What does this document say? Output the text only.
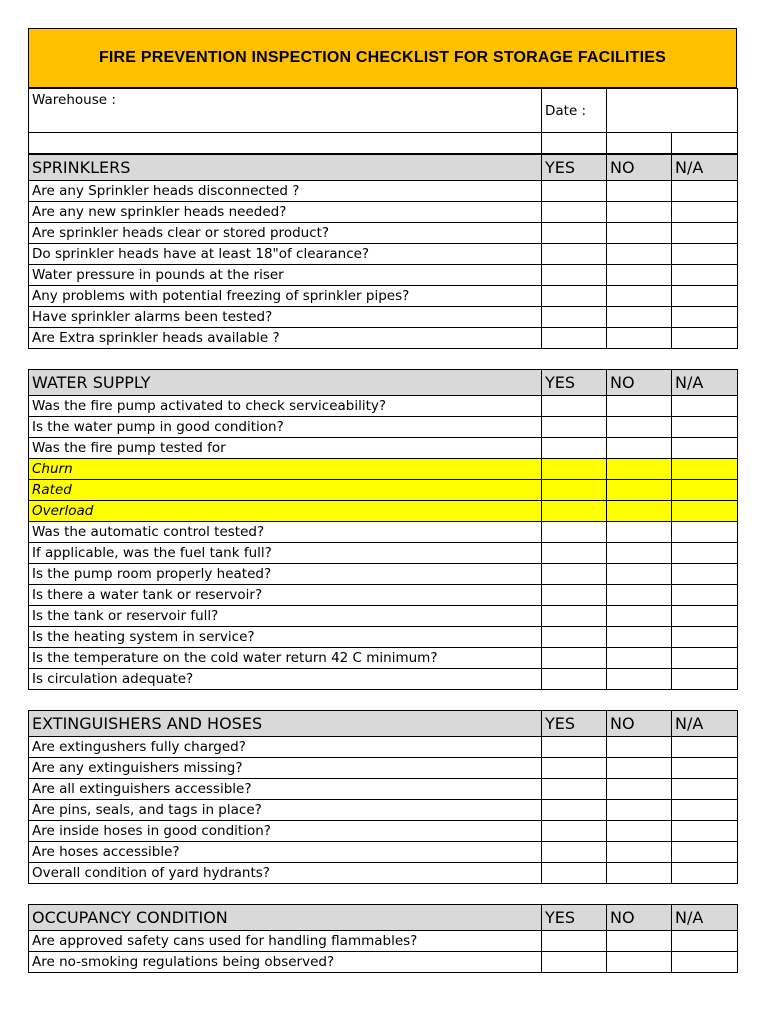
FIRE PREVENTION INSPECTION CHECKLIST FOR STORAGE FACILITIES
Warehouse :	Date :		

SPRINKLERS	YES	NO	N/A
Are any Sprinkler heads disconnected ?			
Are any new sprinkler heads needed?			
Are sprinkler heads clear or stored product?			
Do sprinkler heads have at least 18"of clearance?			
Water pressure in pounds at the riser			
Any problems with potential freezing of sprinkler pipes?			
Have sprinkler alarms been tested?			
Are Extra sprinkler heads available ?			
WATER SUPPLY	YES	NO	N/A
Was the fire pump activated to check serviceability?			
Is the water pump in good condition?			
Was the fire pump tested for			
Churn			
Rated			
Overload			
Was the automatic control tested?			
If applicable, was the fuel tank full?			
Is the pump room properly heated?			
Is there a water tank or reservoir?			
Is the tank or reservoir full?			
Is the heating system in service?			
Is the temperature on the cold water return 42 C minimum?			
Is circulation adequate?			
EXTINGUISHERS AND HOSES	YES	NO	N/A
Are extingushers fully charged?			
Are any extinguishers missing?			
Are all extinguishers accessible?			
Are pins, seals, and tags in place?			
Are inside hoses in good condition?			
Are hoses accessible?			
Overall condition of yard hydrants?			
OCCUPANCY CONDITION	YES	NO	N/A
Are approved safety cans used for handling flammables?			
Are no-smoking regulations being observed?			
